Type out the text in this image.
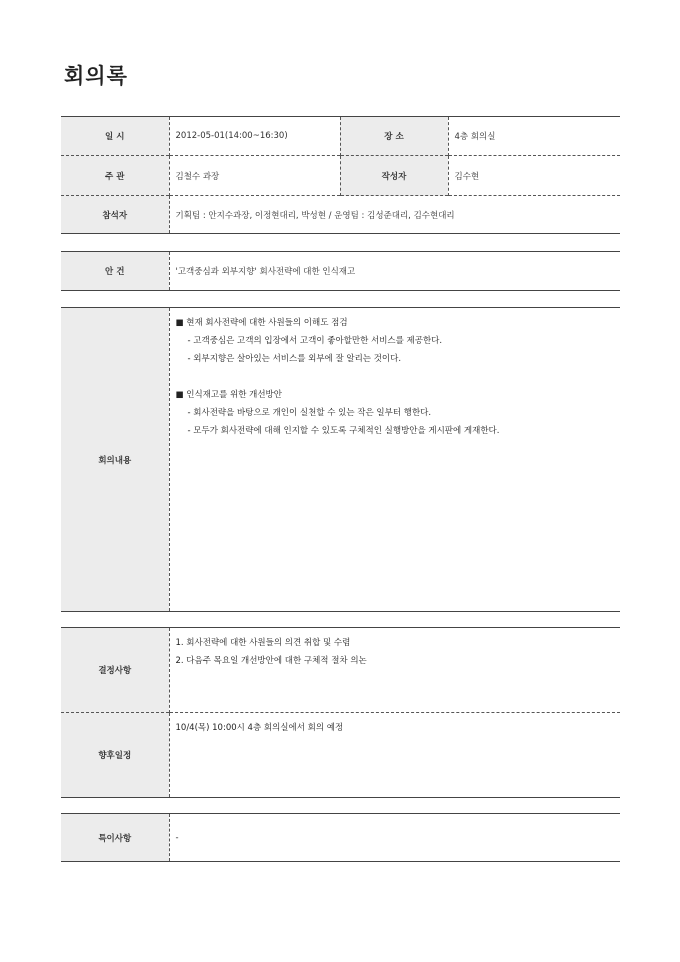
회의록
일 시	2012-05-01(14:00~16:30)	장 소	4층 회의실
주 관	김철수 과장	작성자	김수현
참석자	기획팀 : 안지수과장, 이정현대리, 박성현 / 운영팀 : 김성준대리, 김수현대리		
안 건	'고객중심과 외부지향' 회사전략에 대한 인식재고
회의내용	
■ 현재 회사전략에 대한 사원들의 이해도 점검
- 고객중심은 고객의 입장에서 고객이 좋아할만한 서비스를 제공한다.
- 외부지향은 살아있는 서비스를 외부에 잘 알리는 것이다.
■ 인식재고를 위한 개선방안
- 회사전략을 바탕으로 개인이 실천할 수 있는 작은 일부터 행한다.
- 모두가 회사전략에 대해 인지할 수 있도록 구체적인 실행방안을 게시판에 게재한다.
결정사항	1. 회사전략에 대한 사원들의 의견 취합 및 수렴
2. 다음주 목요일 개선방안에 대한 구체적 절차 의논

향후일정	10/4(목) 10:00시 4층 회의실에서 회의 예정
특이사항	-
